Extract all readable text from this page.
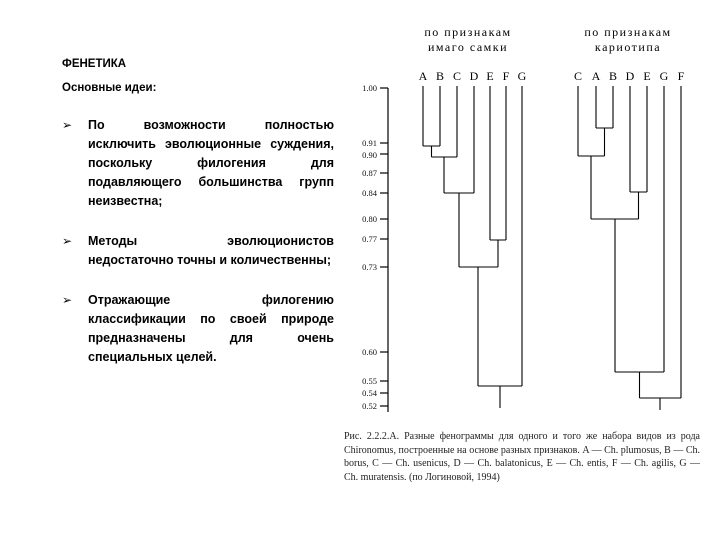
ФЕНЕТИКА
Основные идеи:
➢ По возможности полностью исключить эволюционные суждения, поскольку филогения для подавляющего большинства групп неизвестна;
➢ Методы эволюционистов недостаточно точны и количественны;
➢ Отражающие филогению классификации по своей природе предназначены для очень специальных целей.
по признакам
имаго самки
по признакам
кариотипа
A B C D E F G	C A B D E G F
1.00
0.91
0.90
0.87
0.84
0.80
0.77
0.73
0.60
0.55
0.54
0.52
Рис. 2.2.2.А. Разные фенограммы для одного и того же набора видов из рода Chironomus, построенные на основе разных признаков. A — Ch. plumosus, B — Ch. borus, C — Ch. usenicus, D — Ch. balatonicus, E — Ch. entis, F — Ch. agilis, G — Ch. muratensis. (по Логиновой, 1994)
